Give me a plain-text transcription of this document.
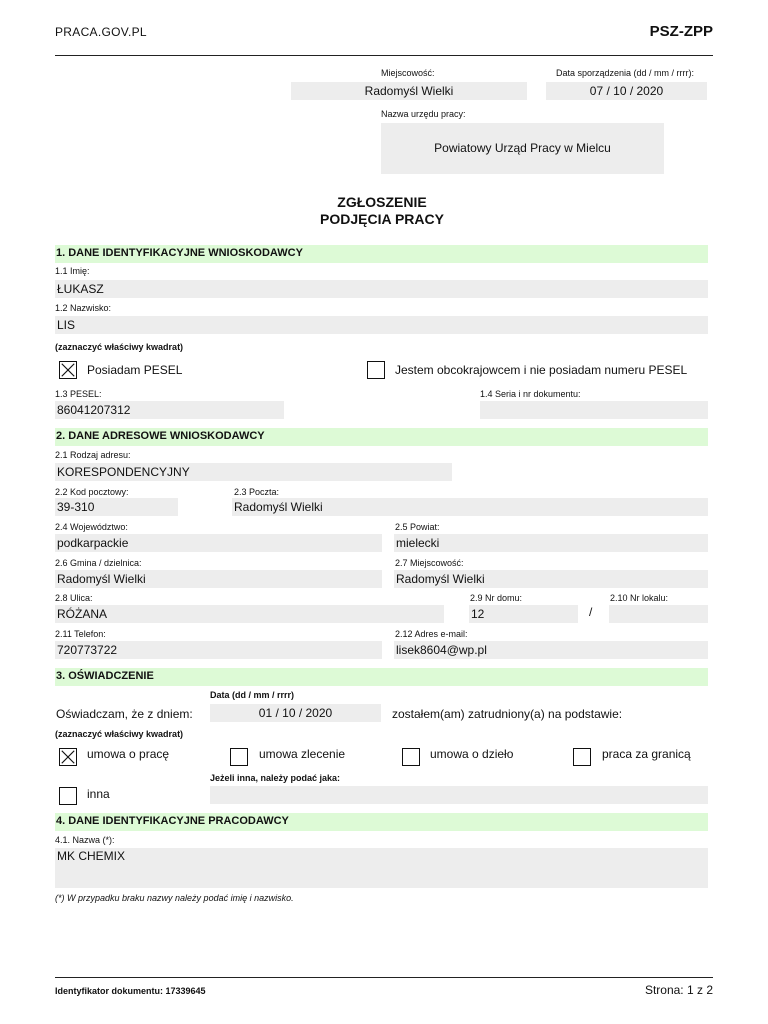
PRACA.GOV.PL	PSZ-ZPP
Miejscowość:
Radomyśl Wielki
Data sporządzenia (dd / mm / rrrr):
07 / 10 / 2020
Nazwa urzędu pracy:
Powiatowy Urząd Pracy w Mielcu
ZGŁOSZENIE
PODJĘCIA PRACY
1. DANE IDENTYFIKACYJNE WNIOSKODAWCY
1.1 Imię:
ŁUKASZ
1.2 Nazwisko:
LIS
(zaznaczyć właściwy kwadrat)
Posiadam PESEL	Jestem obcokrajowcem i nie posiadam numeru PESEL
1.3 PESEL:
86041207312
1.4 Seria i nr dokumentu:
2. DANE ADRESOWE WNIOSKODAWCY
2.1 Rodzaj adresu:
KORESPONDENCYJNY
2.2 Kod pocztowy:
39-310
2.3 Poczta:
Radomyśl Wielki
2.4 Województwo:
podkarpackie
2.5 Powiat:
mielecki
2.6 Gmina / dzielnica:
Radomyśl Wielki
2.7 Miejscowość:
Radomyśl Wielki
2.8 Ulica:
RÓŻANA
2.9 Nr domu:
12	/
2.10 Nr lokalu:
2.11 Telefon:
720773722
2.12 Adres e-mail:
lisek8604@wp.pl
3. OŚWIADCZENIE
Data (dd / mm / rrrr)
Oświadczam, że z dniem:	01 / 10 / 2020	zostałem(am) zatrudniony(a) na podstawie:
(zaznaczyć właściwy kwadrat)
umowa o pracę	umowa zlecenie	umowa o dzieło	praca za granicą
Jeżeli inna, należy podać jaka:
inna
4. DANE IDENTYFIKACYJNE PRACODAWCY
4.1. Nazwa (*):
MK CHEMIX
(*) W przypadku braku nazwy należy podać imię i nazwisko.
Identyfikator dokumentu: 17339645	Strona: 1 z 2
